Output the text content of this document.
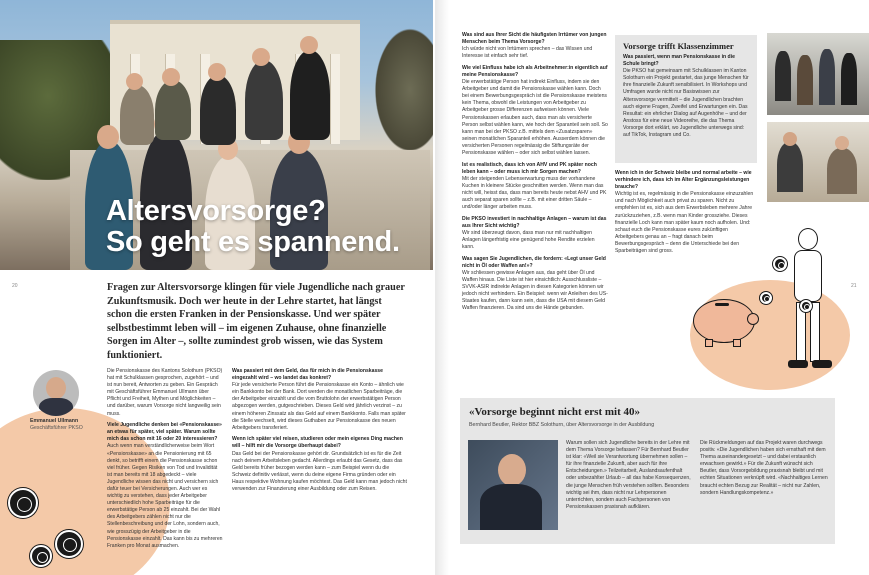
Altersvorsorge?
So geht es spannend.
20	Fragen zur Altersvorsorge klingen für viele Jugendliche nach grauer Zukunftsmusik. Doch wer heute in der Lehre startet, hat längst schon die ersten Franken in der Pensionskasse. Und wer später selbstbestimmt leben will – im eigenen Zuhause, ohne finanzielle Sorgen im Alter –, sollte zumindest grob wissen, wie das System funktioniert.
Emmanuel Ullmann
Geschäftsführer PKSO

Die Pensionskasse des Kantons Solothurn (PKSO) hat mit Schulklassen gesprochen, zugehört – und ist nun bereit, Antworten zu geben. Ein Gespräch mit Geschäftsführer Emmanuel Ullmann über Pflicht und Freiheit, Mythen und Möglichkeiten – und darüber, warum Vorsorge nicht langweilig sein muss.

Viele Jugendliche denken bei «Pensionskasse» an etwas für später, viel später. Warum sollte mich das schon mit 16 oder 20 interessieren?
Auch wenn man verständlicherweise beim Wort «Pensionskasse» an die Pensionierung mit 65 denkt, so betrifft einem die Pensionskasse schon viel früher. Gegen Risiken von Tod und Invalidität ist man bereits mit 18 abgedeckt – viele Jugendliche wissen das nicht und versichern sich dafür teuer bei Versicherungen. Auch wer es wichtig zu verstehen, dass jeder Arbeitgeber unterschiedlich hohe Sparbeiträge für die erwerbstätige Person ab 25 einzahlt. Bei der Wahl des Arbeitgebers zählen nicht nur die Stellenbeschreibung und der Lohn, sondern auch, wie grosszügig der Arbeitgeber in die Pensionskasse einzahlt. Das kann bis zu mehreren Franken pro Monat ausmachen.

Was passiert mit dem Geld, das für mich in die Pensionskasse eingezahlt wird – wo landet das konkret?
Für jede versicherte Person führt die Pensionskasse ein Konto – ähnlich wie ein Bankkonto bei der Bank. Dort werden die monatlichen Sparbeiträge, die der Arbeitgeber einzahlt und die vom Bruttolohn der erwerbstätigen Person abgezogen werden, gutgeschrieben. Dieses Geld wird jährlich verzinst – zu einem höheren Zinssatz als das Geld auf einem Bankkonto. Falls man später die Stelle wechselt, wird dieses Guthaben zur Pensionskasse des neuen Arbeitgebers transferiert.

Wenn ich später viel reisen, studieren oder mein eigenes Ding machen will – hilft mir die Vorsorge überhaupt dabei?
Das Geld bei der Pensionskasse gehört dir. Grundsätzlich ist es für die Zeit nach deinem Arbeitsleben gedacht. Allerdings erlaubt das Gesetz, dass das Geld bereits früher bezogen werden kann – zum Beispiel wenn du die Schweiz definitiv verlässt, wenn du deine eigene Firma gründen oder ein Haus respektive Wohnung kaufen möchtest. Das Geld kann man jedoch nicht verwenden zur Finanzierung einer Ausbildung oder zum Reisen.

Was sind aus Ihrer Sicht die häufigsten Irrtümer von jungen Menschen beim Thema Vorsorge?
Ich würde nicht von Irrtümern sprechen – das Wissen und Interesse ist einfach sehr tief.

Wie viel Einfluss habe ich als Arbeitnehmer:in eigentlich auf meine Pensionskasse?
Die erwerbstätige Person hat indirekt Einfluss, indem sie den Arbeitgeber und damit die Pensionskasse wählen kann. Doch bei einem Bewerbungsgespräch ist die Pensionskasse meistens kein Thema, obwohl die Leistungen von Arbeitgeber zu Arbeitgeber grosse Differenzen aufweisen können. Viele Pensionskassen erlauben auch, dass man als versicherte Person selbst wählen kann, wie hoch der Sparanteil sein soll. So kann man bei der PKSO z.B. mittels dem «Zusatzsparen» seinen monatlichen Sparanteil erhöhen. Ausserdem können die versicherten Personen regelmässig die Stiftungsräte der Pensionskasse wählen – oder sich selbst wählen lassen.

Ist es realistisch, dass ich von AHV und PK später noch leben kann – oder muss ich mir Sorgen machen?
Mit der steigenden Lebenserwartung muss der vorhandene Kuchen in kleinere Stücke geschnitten werden. Wenn man das nicht will, heisst das, dass man bereits heute nebst AHV und PK auch separat sparen sollte – z.B. mit einer dritten Säule – und/oder länger arbeiten muss.

Die PKSO investiert in nachhaltige Anlagen – warum ist das aus Ihrer Sicht wichtig?
Wir sind überzeugt davon, dass man nur mit nachhaltigen Anlagen längerfristig eine genügend hohe Rendite erzielen kann.

Was sagen Sie Jugendlichen, die fordern: «Legt unser Geld nicht in Öl oder Waffen an!»?
Wir schliessen gewisse Anlagen aus, das geht über Öl und Waffen hinaus. Die Liste ist hier einsichtlich: Ausschlussliste – SVVK-ASIR indirekte Anlagen in diesen Kategorien können wir jedoch nicht verhindern. Ein Beispiel: wenn wir Anleihen des US-Staates kaufen, dann kann sein, dass die USA mit diesem Geld Waffen finanzieren. Da sind uns die Hände gebunden.

Vorsorge trifft Klassenzimmer
Was passiert, wenn man Pensionskasse in die Schule bringt?
Die PKSO hat gemeinsam mit Schulklassen im Kanton Solothurn ein Projekt gestartet, das junge Menschen für ihre finanzielle Zukunft sensibilisiert. In Workshops und Umfragen wurde nicht nur Basiswissen zur Altersvorsorge vermittelt – die Jugendlichen brachten auch eigene Fragen, Zweifel und Erwartungen ein. Das Resultat: ein ehrlicher Dialog auf Augenhöhe – und der Anstoss für eine neue Videoreihe, die das Thema Vorsorge dort erklärt, wo Jugendliche unterwegs sind: auf TikTok, Instagram und Co.

Wenn ich in der Schweiz bleibe und normal arbeite – wie verhindere ich, dass ich im Alter Ergänzungsleistungen brauche?
Wichtig ist es, regelmässig in die Pensionskasse einzuzahlen und nach Möglichkeit auch privat zu sparen. Nicht zu empfehlen ist es, sich aus dem Erwerbsleben mehrere Jahre zurückzuziehen, z.B. wenn man Kinder grossziehe. Dieses finanzielle Loch kann man später kaum noch aufholen. Und: schaut euch die Pensionskasse eures zukünftigen Arbeitgebers genau an – fragt danach beim Bewerbungsgespräch – denn die Unterschiede bei den Sparbeiträgen sind gross.

21
«Vorsorge beginnt nicht erst mit 40»
Bernhard Beutler, Rektor BBZ Solothurn, über Altersvorsorge in der Ausbildung
Warum sollen sich Jugendliche bereits in der Lehre mit dem Thema Vorsorge befassen? Für Bernhard Beutler ist klar: «Weil sie Verantwortung übernehmen sollen – für ihre finanzielle Zukunft, aber auch für ihre Entscheidungen.» Teilzeitarbeit, Auslandsaufenthalt oder unbezahlter Urlaub – all das habe Konsequenzen, die junge Menschen früh verstehen sollten. Besonders wichtig sei ihm, dass nicht nur Lehrpersonen unterrichten, sondern auch Fachpersonen von Pensionskassen praxisnah aufklären.
Die Rückmeldungen auf das Projekt waren durchwegs positiv. «Die Jugendlichen haben sich ernsthaft mit dem Thema auseinandergesetzt – und dabei erstaunlich erwachsen gewirkt.» Für die Zukunft wünscht sich Beutler, dass Vorsorgebildung praxisnah bleibt und mit echten Situationen verknüpft wird. «Nachhaltiges Lernen braucht echten Bezug zur Realität – nicht nur Zahlen, sondern Handlungskompetenz.»
